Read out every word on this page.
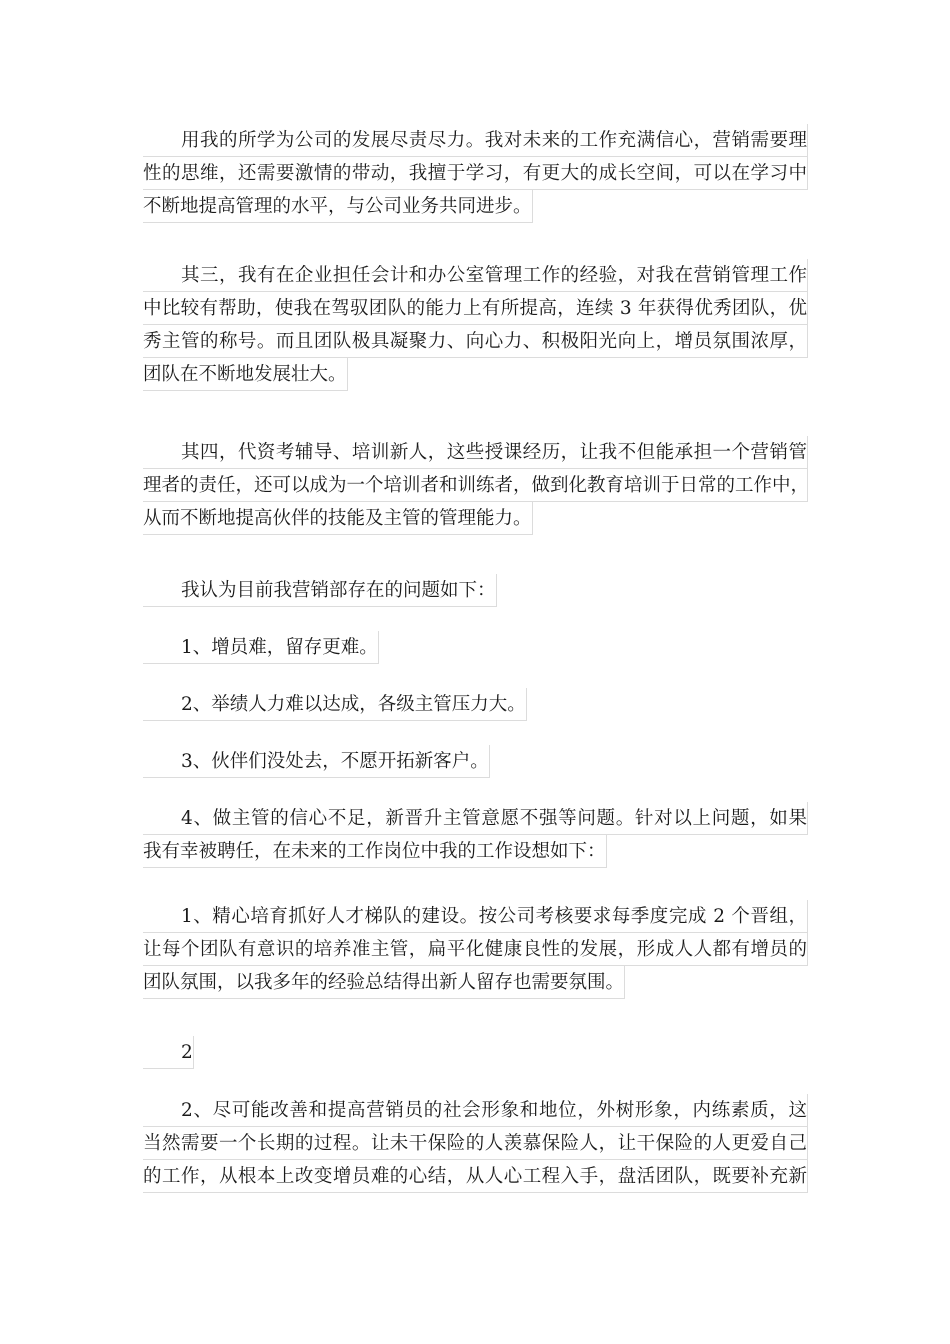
用我的所学为公司的发展尽责尽力。我对未来的工作充满信心，营销需要理
性的思维，还需要激情的带动，我擅于学习，有更大的成长空间，可以在学习中
不断地提高管理的水平，与公司业务共同进步。
其三，我有在企业担任会计和办公室管理工作的经验，对我在营销管理工作
中比较有帮助，使我在驾驭团队的能力上有所提高，连续 3 年获得优秀团队，优
秀主管的称号。而且团队极具凝聚力、向心力、积极阳光向上，增员氛围浓厚，
团队在不断地发展壮大。
其四，代资考辅导、培训新人，这些授课经历，让我不但能承担一个营销管
理者的责任，还可以成为一个培训者和训练者，做到化教育培训于日常的工作中，
从而不断地提高伙伴的技能及主管的管理能力。
我认为目前我营销部存在的问题如下：
1、增员难，留存更难。
2、举绩人力难以达成，各级主管压力大。
3、伙伴们没处去，不愿开拓新客户。
4、做主管的信心不足，新晋升主管意愿不强等问题。针对以上问题，如果
我有幸被聘任，在未来的工作岗位中我的工作设想如下：
1、精心培育抓好人才梯队的建设。按公司考核要求每季度完成 2 个晋组，
让每个团队有意识的培养准主管，扁平化健康良性的发展，形成人人都有增员的
团队氛围，以我多年的经验总结得出新人留存也需要氛围。
2
2、尽可能改善和提高营销员的社会形象和地位，外树形象，内练素质，这
当然需要一个长期的过程。让未干保险的人羡慕保险人，让干保险的人更爱自己
的工作，从根本上改变增员难的心结，从人心工程入手，盘活团队，既要补充新
